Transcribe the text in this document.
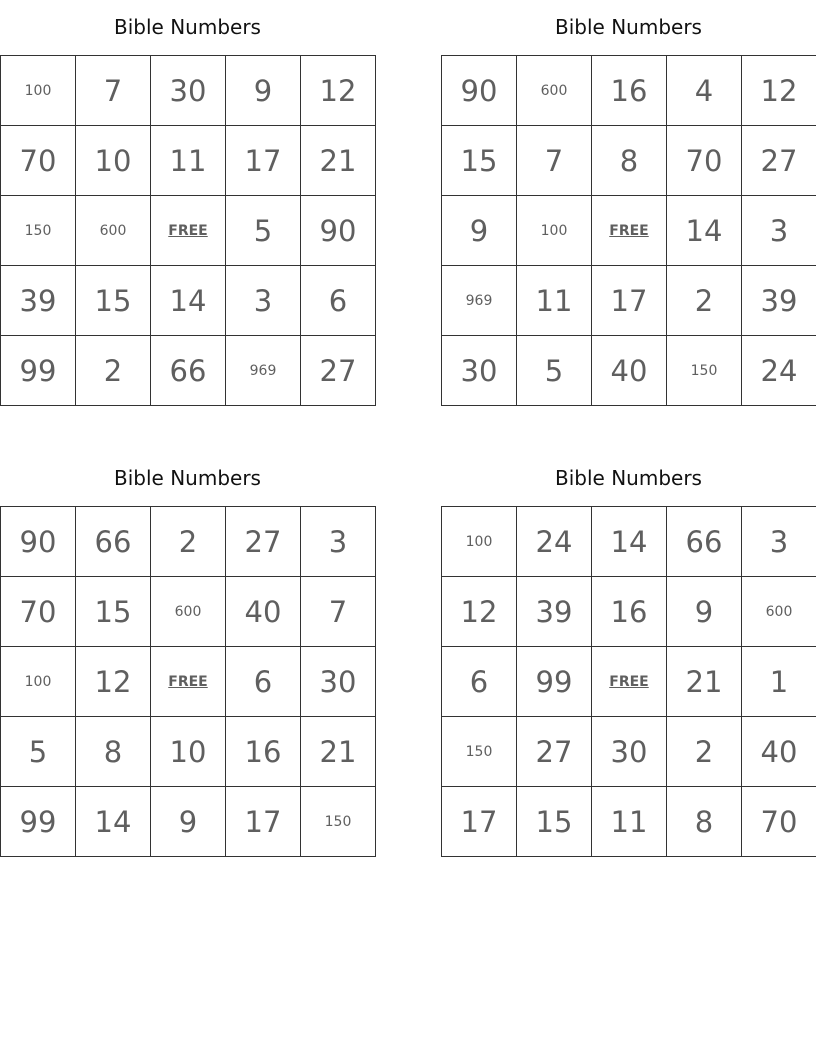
Bible Numbers
100	7	30	9	12
70	10	11	17	21
150	600	FREE	5	90
39	15	14	3	6
99	2	66	969	27
Bible Numbers
90	600	16	4	12
15	7	8	70	27
9	100	FREE	14	3
969	11	17	2	39
30	5	40	150	24
Bible Numbers
90	66	2	27	3
70	15	600	40	7
100	12	FREE	6	30
5	8	10	16	21
99	14	9	17	150
Bible Numbers
100	24	14	66	3
12	39	16	9	600
6	99	FREE	21	1
150	27	30	2	40
17	15	11	8	70
